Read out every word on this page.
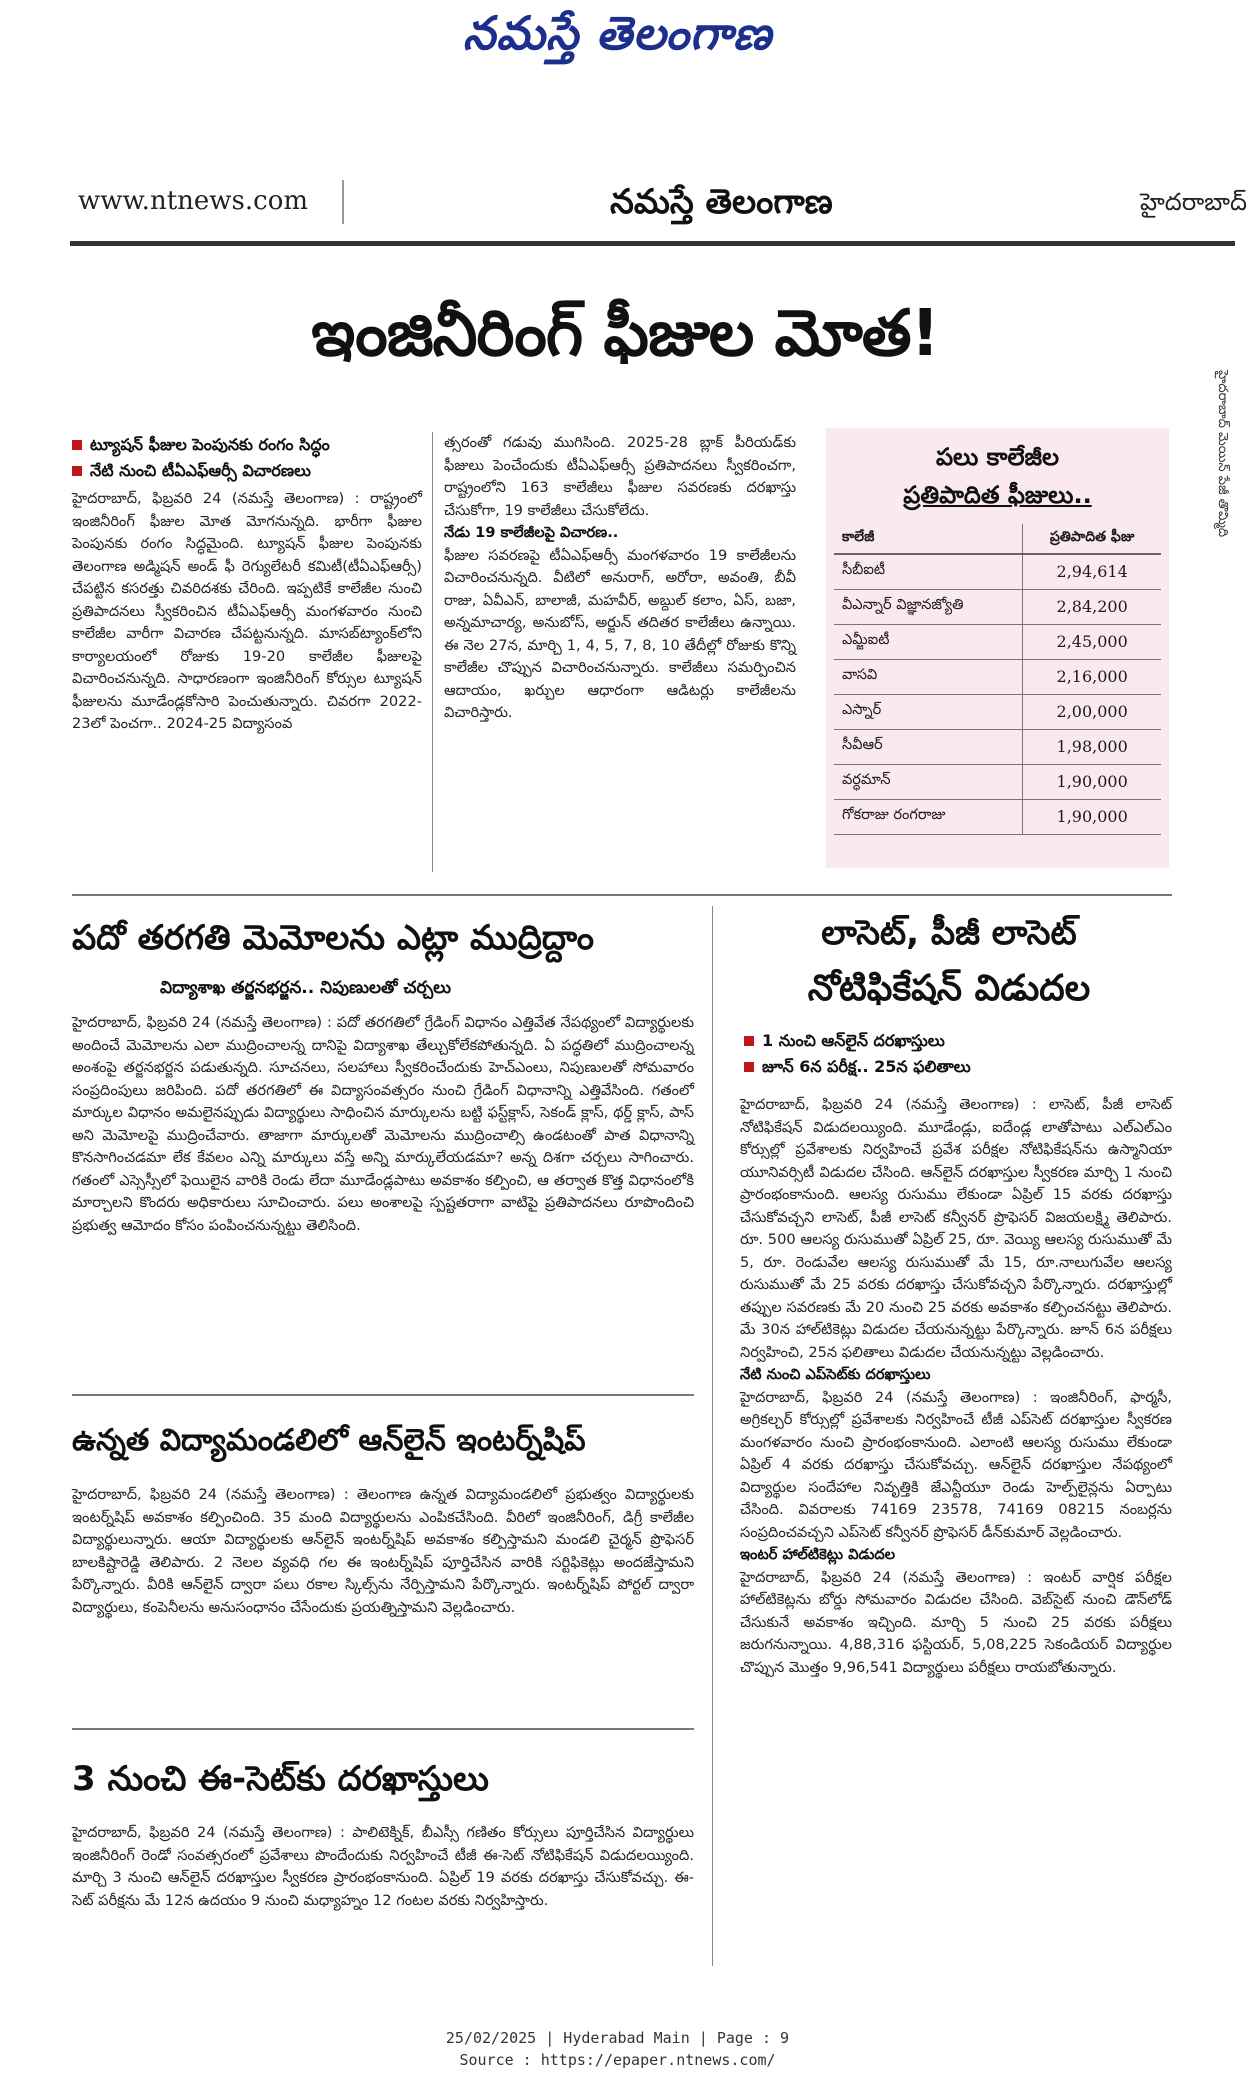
నమస్తే తెలంగాణ
www.ntnews.com	నమస్తే తెలంగాణ	హైదరాబాద్
హైదరాబాద్ మెయిన్ పేజీ తొమ్మిది
ఇంజినీరింగ్ ఫీజుల మోత!
ట్యూషన్ ఫీజుల పెంపునకు రంగం సిద్ధం
నేటి నుంచి టీఏఎఫ్‌ఆర్సీ విచారణలు
హైదరాబాద్, ఫిబ్రవరి 24 (నమస్తే తెలంగాణ) : రాష్ట్రంలో ఇంజినీరింగ్ ఫీజుల మోత మోగనున్నది. భారీగా ఫీజుల పెంపునకు రంగం సిద్ధమైంది. ట్యూషన్ ఫీజుల పెంపునకు తెలంగాణ అడ్మిషన్ అండ్ ఫీ రెగ్యులేటరీ కమిటీ(టీఏఎఫ్‌ఆర్సీ) చేపట్టిన కసరత్తు చివరిదశకు చేరింది. ఇప్పటికే కాలేజీల నుంచి ప్రతిపాదనలు స్వీకరించిన టీఏఎఫ్‌ఆర్సీ మంగళవారం నుంచి కాలేజీల వారీగా విచారణ చేపట్టనున్నది. మాసబ్‌ట్యాంక్‌లోని కార్యాలయంలో రోజుకు 19-20 కాలేజీల ఫీజులపై విచారించనున్నది. సాధారణంగా ఇంజినీరింగ్ కోర్సుల ట్యూషన్ ఫీజులను మూడేండ్లకోసారి పెంచుతున్నారు. చివరగా 2022-23లో పెంచగా.. 2024-25 విద్యాసంవ

త్సరంతో గడువు ముగిసింది. 2025-28 బ్లాక్ పీరియడ్‌కు ఫీజులు పెంచేందుకు టీఏఎఫ్‌ఆర్సీ ప్రతిపాదనలు స్వీకరించగా, రాష్ట్రంలోని 163 కాలేజీలు ఫీజుల సవరణకు దరఖాస్తు చేసుకోగా, 19 కాలేజీలు చేసుకోలేదు.

నేడు 19 కాలేజీలపై విచారణ..

ఫీజుల సవరణపై టీఏఎఫ్‌ఆర్సీ మంగళవారం 19 కాలేజీలను విచారించనున్నది. వీటిలో అనురాగ్, అరోరా, అవంతి, బీవీ రాజు, ఏవీఎన్, బాలాజీ, మహవీర్, అబ్దుల్ కలాం, ఏస్, బజా, అన్నమాచార్య, అనుబోస్, అర్జున్ తదితర కాలేజీలు ఉన్నాయి. ఈ నెల 27న, మార్చి 1, 4, 5, 7, 8, 10 తేదీల్లో రోజుకు కొన్ని కాలేజీల చొప్పున విచారించనున్నారు. కాలేజీలు సమర్పించిన ఆదాయం, ఖర్చుల ఆధారంగా ఆడిటర్లు కాలేజీలను విచారిస్తారు.

పలు కాలేజీల
ప్రతిపాదిత ఫీజులు..
కాలేజీ	ప్రతిపాదిత ఫీజు
సీబీఐటీ	2,94,614
వీఎన్నార్ విజ్ఞానజ్యోతి	2,84,200
ఎమ్జీఐటీ	2,45,000
వాసవి	2,16,000
ఎస్నార్	2,00,000
సీవీఆర్	1,98,000
వర్ధమాన్	1,90,000
గోకరాజు రంగరాజు	1,90,000
పదో తరగతి మెమోలను ఎట్లా ముద్రిద్దాం
విద్యాశాఖ తర్జనభర్జన.. నిపుణులతో చర్చలు
హైదరాబాద్, ఫిబ్రవరి 24 (నమస్తే తెలంగాణ) : పదో తరగతిలో గ్రేడింగ్ విధానం ఎత్తివేత నేపథ్యంలో విద్యార్థులకు అందించే మెమోలను ఎలా ముద్రించాలన్న దానిపై విద్యాశాఖ తేల్చుకోలేకపోతున్నది. ఏ పద్ధతిలో ముద్రించాలన్న అంశంపై తర్జనభర్జన పడుతున్నది. సూచనలు, సలహాలు స్వీకరించేందుకు హెచ్‌ఎంలు, నిపుణులతో సోమవారం సంప్రదింపులు జరిపింది. పదో తరగతిలో ఈ విద్యాసంవత్సరం నుంచి గ్రేడింగ్ విధానాన్ని ఎత్తివేసింది. గతంలో మార్కుల విధానం అమలైనప్పుడు విద్యార్థులు సాధించిన మార్కులను బట్టి ఫస్ట్‌క్లాస్, సెకండ్ క్లాస్, థర్డ్ క్లాస్, పాస్ అని మెమోలపై ముద్రించేవారు. తాజాగా మార్కులతో మెమోలను ముద్రించాల్సి ఉండటంతో పాత విధానాన్ని కొనసాగించడమా లేక కేవలం ఎన్ని మార్కులు వస్తే అన్ని మార్కులేయడమా? అన్న దిశగా చర్చలు సాగించారు. గతంలో ఎస్సెస్సీలో ఫెయిలైన వారికి రెండు లేదా మూడేండ్లపాటు అవకాశం కల్పించి, ఆ తర్వాత కొత్త విధానంలోకి మార్చాలని కొందరు అధికారులు సూచించారు. పలు అంశాలపై స్పష్టతరాగా వాటిపై ప్రతిపాదనలు రూపొందించి ప్రభుత్వ ఆమోదం కోసం పంపించనున్నట్టు తెలిసింది.
ఉన్నత విద్యామండలిలో ఆన్‌లైన్ ఇంటర్న్‌షిప్
హైదరాబాద్, ఫిబ్రవరి 24 (నమస్తే తెలంగాణ) : తెలంగాణ ఉన్నత విద్యామండలిలో ప్రభుత్వం విద్యార్థులకు ఇంటర్న్‌షిప్ అవకాశం కల్పించింది. 35 మంది విద్యార్థులను ఎంపికచేసింది. వీరిలో ఇంజినీరింగ్, డిగ్రీ కాలేజీల విద్యార్థులున్నారు. ఆయా విద్యార్థులకు ఆన్‌లైన్ ఇంటర్న్‌షిప్ అవకాశం కల్పిస్తామని మండలి చైర్మన్ ప్రొఫెసర్ బాలకిష్టారెడ్డి తెలిపారు. 2 నెలల వ్యవధి గల ఈ ఇంటర్న్‌షిప్ పూర్తిచేసిన వారికి సర్టిఫికెట్లు అందజేస్తామని పేర్కొన్నారు. వీరికి ఆన్‌లైన్ ద్వారా పలు రకాల స్కిల్స్‌ను నేర్పిస్తామని పేర్కొన్నారు. ఇంటర్న్‌షిప్ పోర్టల్ ద్వారా విద్యార్థులు, కంపెనీలను అనుసంధానం చేసేందుకు ప్రయత్నిస్తామని వెల్లడించారు.
3 నుంచి ఈ-సెట్‌కు దరఖాస్తులు
హైదరాబాద్, ఫిబ్రవరి 24 (నమస్తే తెలంగాణ) : పాలిటెక్నిక్, బీఎస్సీ గణితం కోర్సులు పూర్తిచేసిన విద్యార్థులు ఇంజినీరింగ్ రెండో సంవత్సరంలో ప్రవేశాలు పొందేందుకు నిర్వహించే టీజీ ఈ-సెట్ నోటిఫికేషన్ విడుదలయ్యింది. మార్చి 3 నుంచి ఆన్‌లైన్ దరఖాస్తుల స్వీకరణ ప్రారంభంకానుంది. ఏప్రిల్ 19 వరకు దరఖాస్తు చేసుకోవచ్చు. ఈ-సెట్ పరీక్షను మే 12న ఉదయం 9 నుంచి మధ్యాహ్నం 12 గంటల వరకు నిర్వహిస్తారు.
లాసెట్, పీజీ లాసెట్
నోటిఫికేషన్ విడుదల
1 నుంచి ఆన్‌లైన్ దరఖాస్తులు
జూన్ 6న పరీక్ష.. 25న ఫలితాలు

హైదరాబాద్, ఫిబ్రవరి 24 (నమస్తే తెలంగాణ) : లాసెట్, పీజీ లాసెట్ నోటిఫికేషన్ విడుదలయ్యింది. మూడేండ్లు, ఐదేండ్ల లాతోపాటు ఎల్‌ఎల్‌ఎం కోర్సుల్లో ప్రవేశాలకు నిర్వహించే ప్రవేశ పరీక్షల నోటిఫికేషన్‌ను ఉస్మానియా యూనివర్సిటీ విడుదల చేసింది. ఆన్‌లైన్ దరఖాస్తుల స్వీకరణ మార్చి 1 నుంచి ప్రారంభంకానుంది. ఆలస్య రుసుము లేకుండా ఏప్రిల్ 15 వరకు దరఖాస్తు చేసుకోవచ్చని లాసెట్, పీజీ లాసెట్ కన్వీనర్ ప్రొఫెసర్ విజయలక్ష్మి తెలిపారు. రూ. 500 ఆలస్య రుసుముతో ఏప్రిల్ 25, రూ. వెయ్యి ఆలస్య రుసుముతో మే 5, రూ. రెండువేల ఆలస్య రుసుముతో మే 15, రూ.నాలుగువేల ఆలస్య రుసుముతో మే 25 వరకు దరఖాస్తు చేసుకోవచ్చని పేర్కొన్నారు. దరఖాస్తుల్లో తప్పుల సవరణకు మే 20 నుంచి 25 వరకు అవకాశం కల్పించనట్టు తెలిపారు. మే 30న హాల్‌టికెట్లు విడుదల చేయనున్నట్టు పేర్కొన్నారు. జూన్ 6న పరీక్షలు నిర్వహించి, 25న ఫలితాలు విడుదల చేయనున్నట్టు వెల్లడించారు.

నేటి నుంచి ఎప్‌సెట్‌కు దరఖాస్తులు

హైదరాబాద్, ఫిబ్రవరి 24 (నమస్తే తెలంగాణ) : ఇంజినీరింగ్, ఫార్మసీ, అగ్రికల్చర్ కోర్సుల్లో ప్రవేశాలకు నిర్వహించే టీజీ ఎప్‌సెట్ దరఖాస్తుల స్వీకరణ మంగళవారం నుంచి ప్రారంభంకానుంది. ఎలాంటి ఆలస్య రుసుము లేకుండా ఏప్రిల్ 4 వరకు దరఖాస్తు చేసుకోవచ్చు. ఆన్‌లైన్ దరఖాస్తుల నేపథ్యంలో విద్యార్థుల సందేహాల నివృత్తికి జేఎన్టీయూ రెండు హెల్ప్‌లైన్లను ఏర్పాటు చేసింది. వివరాలకు 74169 23578, 74169 08215 నంబర్లను సంప్రదించవచ్చని ఎప్‌సెట్ కన్వీనర్ ప్రొఫెసర్ డీన్‌కుమార్ వెల్లడించారు.

ఇంటర్ హాల్‌టికెట్లు విడుదల

హైదరాబాద్, ఫిబ్రవరి 24 (నమస్తే తెలంగాణ) : ఇంటర్ వార్షిక పరీక్షల హాల్‌టికెట్లను బోర్డు సోమవారం విడుదల చేసింది. వెబ్‌సైట్ నుంచి డౌన్‌లోడ్ చేసుకునే అవకాశం ఇచ్చింది. మార్చి 5 నుంచి 25 వరకు పరీక్షలు జరుగనున్నాయి. 4,88,316 ఫస్టియర్, 5,08,225 సెకండియర్ విద్యార్థుల చొప్పున మొత్తం 9,96,541 విద్యార్థులు పరీక్షలు రాయబోతున్నారు.

25/02/2025 | Hyderabad Main | Page : 9
Source : https://epaper.ntnews.com/
